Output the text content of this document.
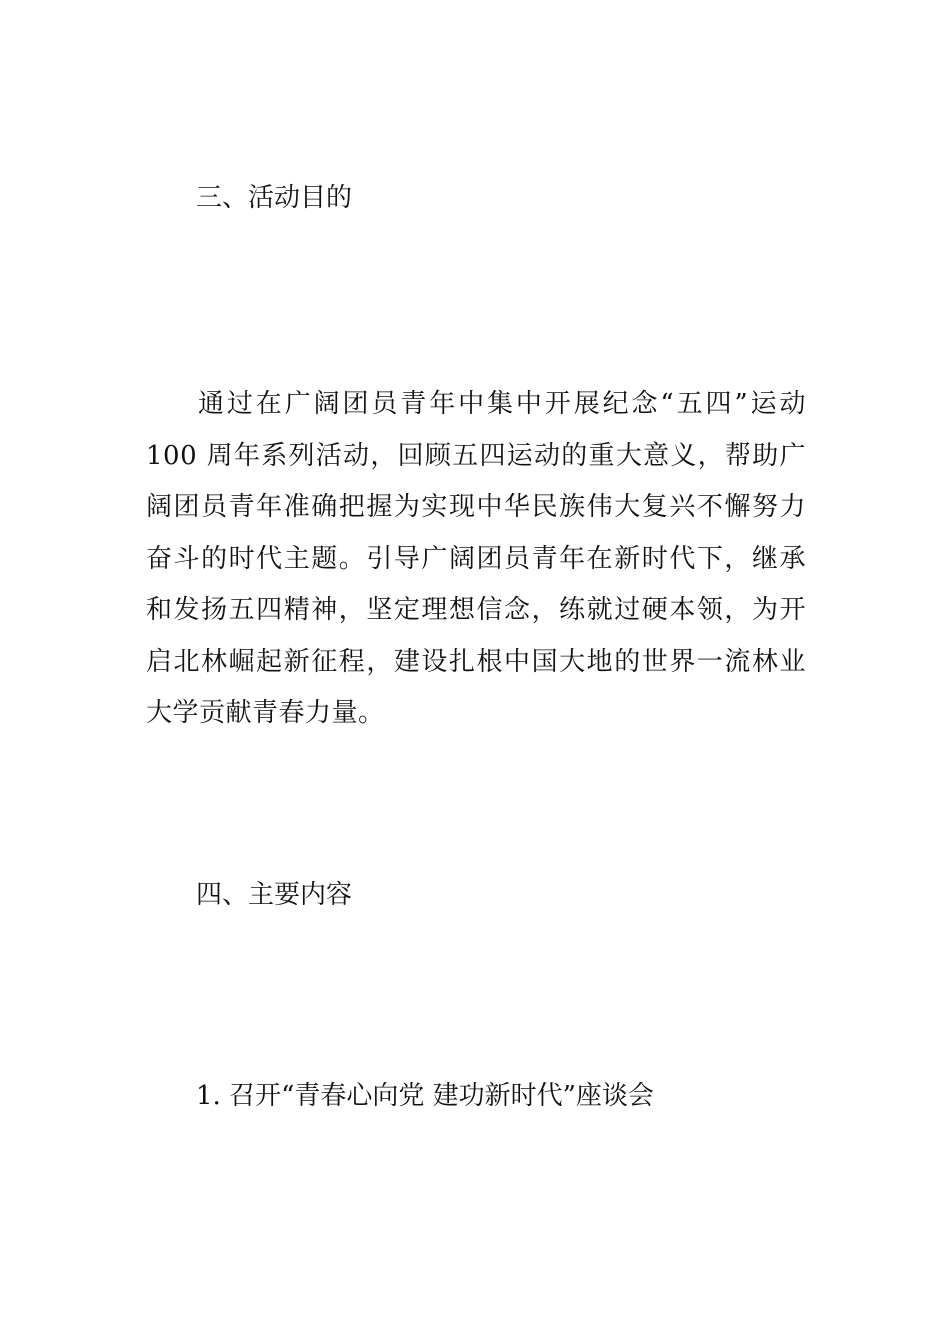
三、活动目的

通过在广阔团员青年中集中开展纪念“五四”运动 100 周年系列活动，回顾五四运动的重大意义，帮助广阔团员青年准确把握为实现中华民族伟大复兴不懈努力奋斗的时代主题。引导广阔团员青年在新时代下，继承和发扬五四精神，坚定理想信念，练就过硬本领，为开启北林崛起新征程，建设扎根中国大地的世界一流林业大学贡献青春力量。

四、主要内容

1. 召开“青春心向党 建功新时代”座谈会
